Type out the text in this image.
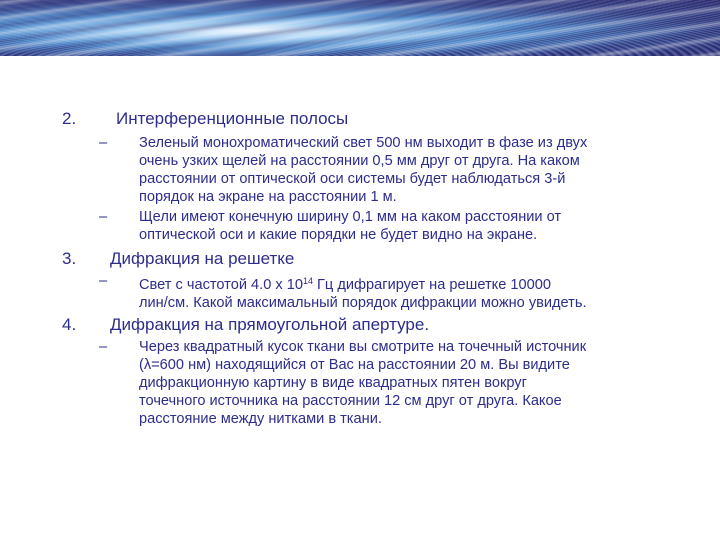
2. Интерференционные полосы
– Зеленый монохроматический свет 500 нм выходит в фазе из двух
очень узких щелей на расстоянии 0,5 мм друг от друга. На каком
расстоянии от оптической оси системы будет наблюдаться 3-й
порядок на экране на расстоянии 1 м.
– Щели имеют конечную ширину 0,1 мм на каком расстоянии от
оптической оси и какие порядки не будет видно на экране.
3. Дифракция на решетке
– Свет с частотой 4.0 x $10^{14}$ Гц дифрагирует на решетке 10000
лин/см. Какой максимальный порядок дифракции можно увидеть.
4. Дифракция на прямоугольной апертуре.
– Через квадратный кусок ткани вы смотрите на точечный источник
(λ=600 нм) находящийся от Вас на расстоянии 20 м. Вы видите
дифракционную картину в виде квадратных пятен вокруг
точечного источника на расстоянии 12 см друг от друга. Какое
расстояние между нитками в ткани.
